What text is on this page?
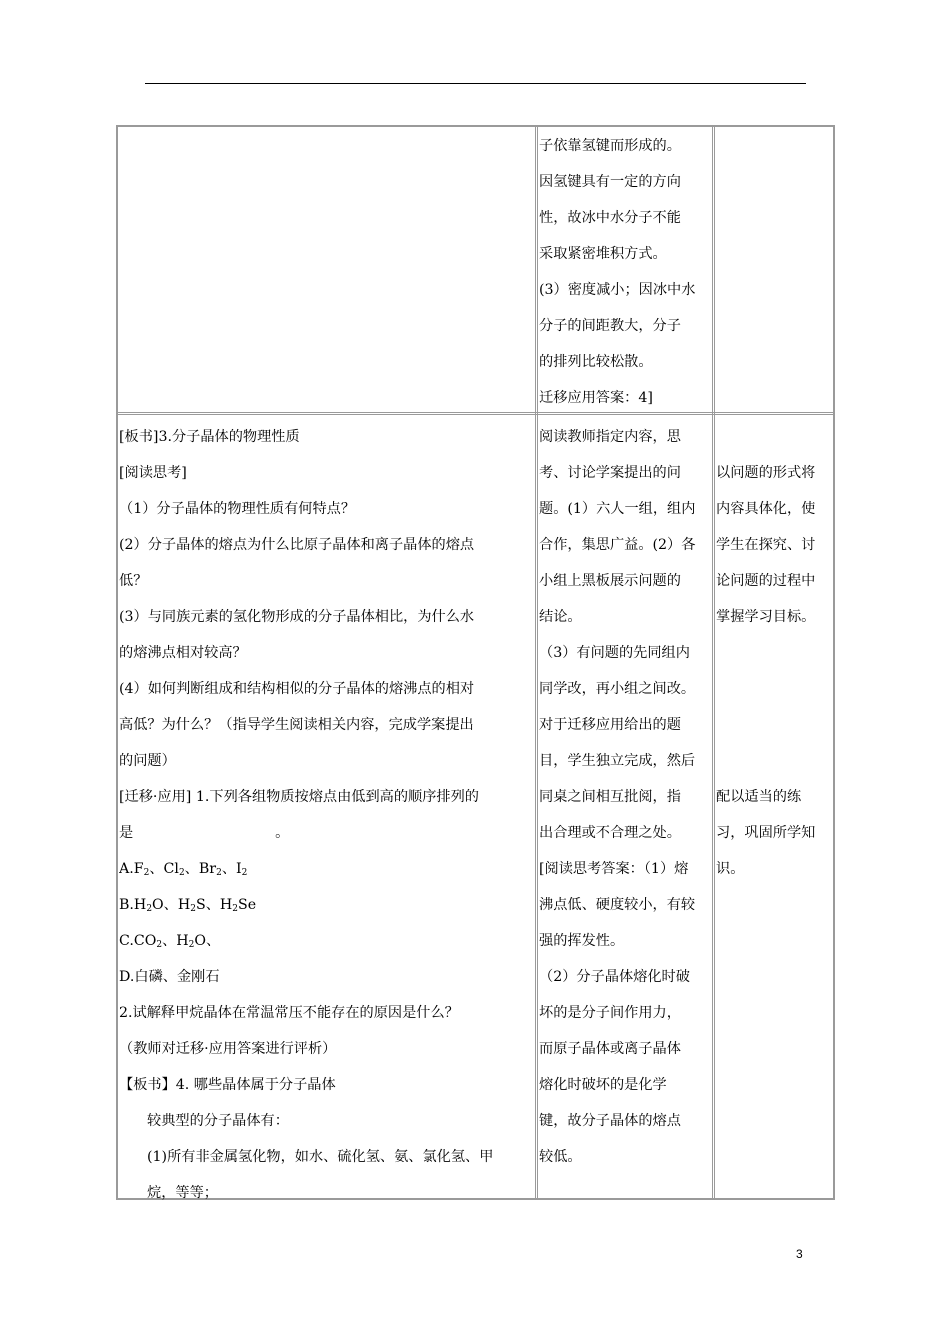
子依靠氢键而形成的。
因氢键具有一定的方向
性，故冰中水分子不能
采取紧密堆积方式。
(3）密度减小；因冰中水
分子的间距教大，分子
的排列比较松散。
迁移应用答案：4]
[板书]3.分子晶体的物理性质
[阅读思考]
（1）分子晶体的物理性质有何特点？
(2）分子晶体的熔点为什么比原子晶体和离子晶体的熔点
低？
(3）与同族元素的氢化物形成的分子晶体相比，为什么水
的熔沸点相对较高？
(4）如何判断组成和结构相似的分子晶体的熔沸点的相对
高低？为什么？（指导学生阅读相关内容，完成学案提出
的问题）
[迁移·应用] 1.下列各组物质按熔点由低到高的顺序排列的
是　　　　　　　　　　。
$A.F_2$、$Cl_2$、$Br_2$、$I_2$
$B.H_2O$、$H_2S$、$H_2Se$
$C.CO_2$、$H_2O$、
D.白磷、金刚石
2.试解释甲烷晶体在常温常压不能存在的原因是什么？
（教师对迁移·应用答案进行评析）
【板书】4. 哪些晶体属于分子晶体
较典型的分子晶体有：
(1)所有非金属氢化物，如水、硫化氢、氨、氯化氢、甲
烷，等等；
阅读教师指定内容，思
考、讨论学案提出的问
题。(1）六人一组，组内
合作，集思广益。(2）各
小组上黑板展示问题的
结论。
（3）有问题的先同组内
同学改，再小组之间改。
对于迁移应用给出的题
目，学生独立完成，然后
同桌之间相互批阅，指
出合理或不合理之处。
[阅读思考答案：（1）熔
沸点低、硬度较小，有较
强的挥发性。
（2）分子晶体熔化时破
坏的是分子间作用力，
而原子晶体或离子晶体
熔化时破坏的是化学
键，故分子晶体的熔点
较低。
以问题的形式将
内容具体化，使
学生在探究、讨
论问题的过程中
掌握学习目标。
配以适当的练
习，巩固所学知
识。
3
